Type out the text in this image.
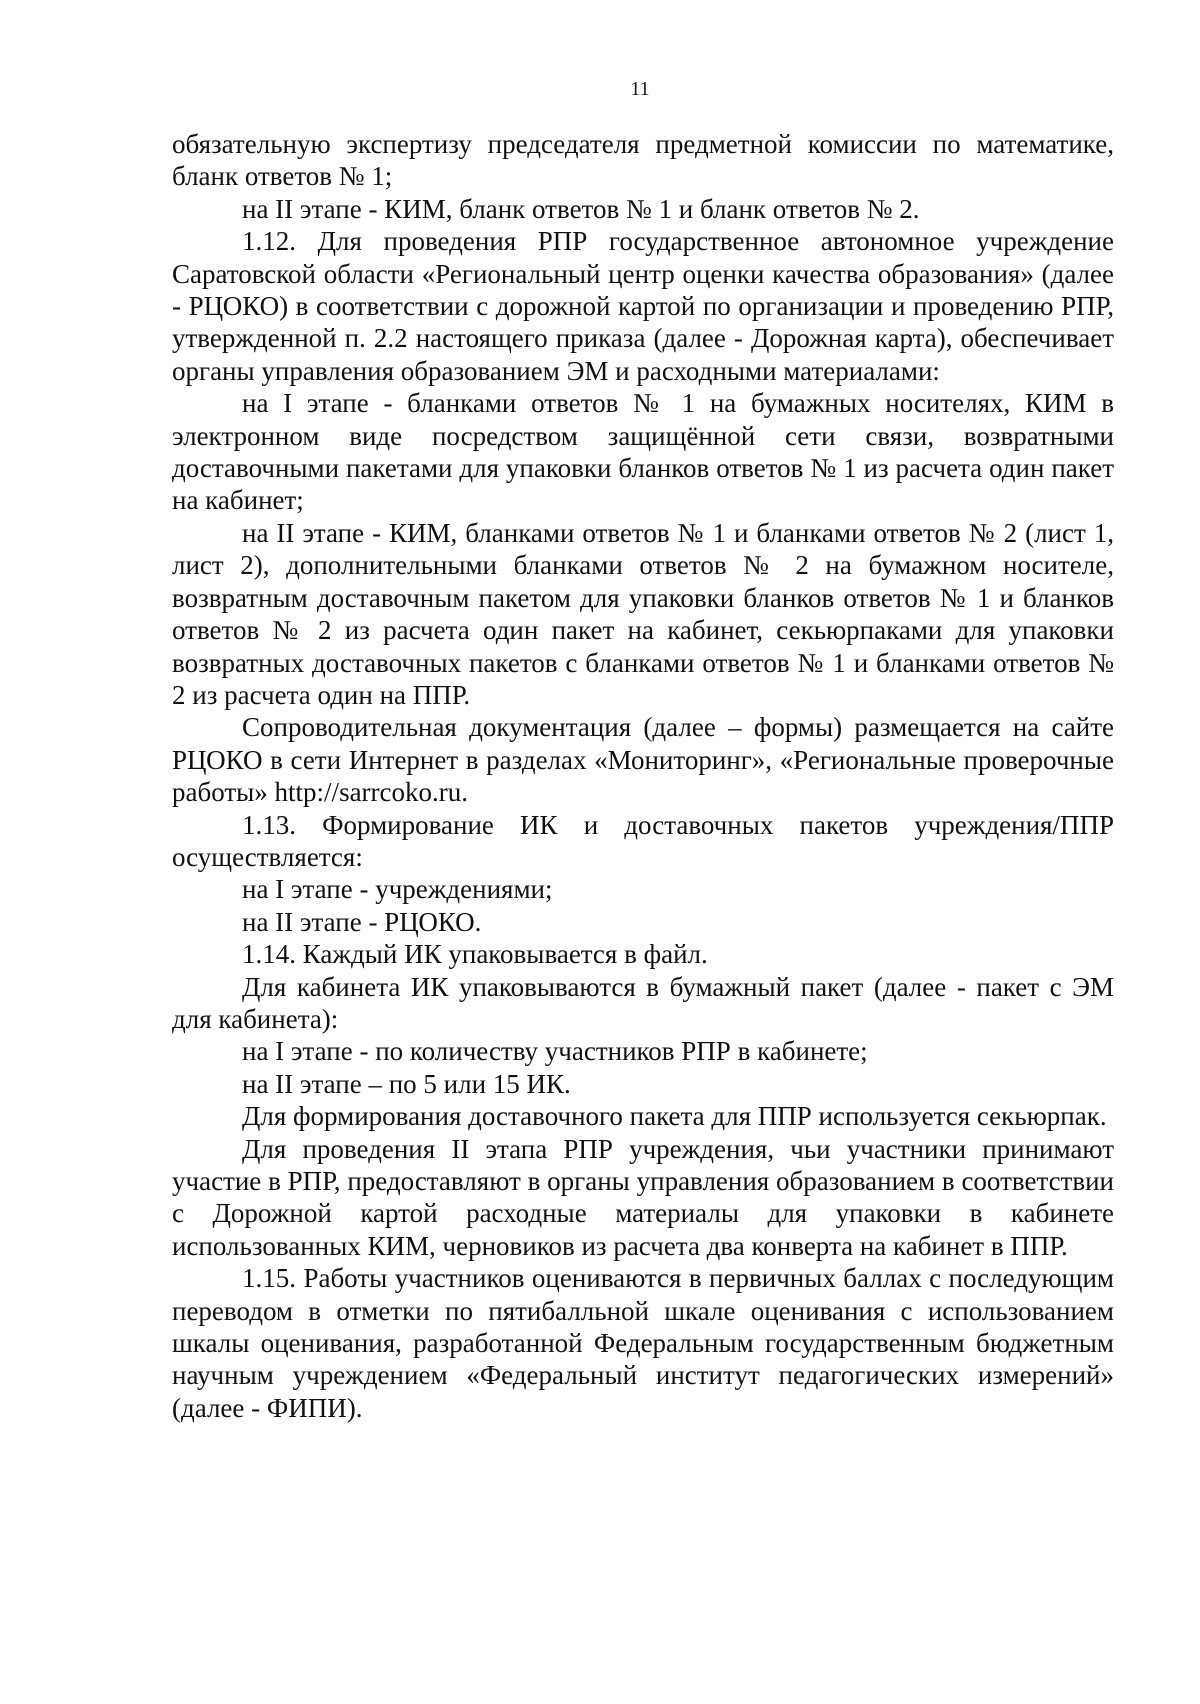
11

обязательную экспертизу председателя предметной комиссии по математике, бланк ответов № 1;

на II этапе - КИМ, бланк ответов № 1 и бланк ответов № 2.

1.12. Для проведения РПР государственное автономное учреждение Саратовской области «Региональный центр оценки качества образования» (далее - РЦОКО) в соответствии с дорожной картой по организации и проведению РПР, утвержденной п. 2.2 настоящего приказа (далее - Дорожная карта), обеспечивает органы управления образованием ЭМ и расходными материалами:

на I этапе - бланками ответов № 1 на бумажных носителях, КИМ в электронном виде посредством защищённой сети связи, возвратными доставочными пакетами для упаковки бланков ответов № 1 из расчета один пакет на кабинет;

на II этапе - КИМ, бланками ответов № 1 и бланками ответов № 2 (лист 1, лист 2), дополнительными бланками ответов № 2 на бумажном носителе, возвратным доставочным пакетом для упаковки бланков ответов № 1 и бланков ответов № 2 из расчета один пакет на кабинет, секьюрпаками для упаковки возвратных доставочных пакетов с бланками ответов № 1 и бланками ответов № 2 из расчета один на ППР.

Сопроводительная документация (далее – формы) размещается на сайте РЦОКО в сети Интернет в разделах «Мониторинг», «Региональные проверочные работы» http://sarrcoko.ru.

1.13. Формирование ИК и доставочных пакетов учреждения/ППР осуществляется:

на I этапе - учреждениями;

на II этапе - РЦОКО.

1.14. Каждый ИК упаковывается в файл.

Для кабинета ИК упаковываются в бумажный пакет (далее - пакет с ЭМ для кабинета):

на I этапе - по количеству участников РПР в кабинете;

на II этапе – по 5 или 15 ИК.

Для формирования доставочного пакета для ППР используется секьюрпак.

Для проведения II этапа РПР учреждения, чьи участники принимают участие в РПР, предоставляют в органы управления образованием в соответствии с Дорожной картой расходные материалы для упаковки в кабинете использованных КИМ, черновиков из расчета два конверта на кабинет в ППР.

1.15. Работы участников оцениваются в первичных баллах с последующим переводом в отметки по пятибалльной шкале оценивания с использованием шкалы оценивания, разработанной Федеральным государственным бюджетным научным учреждением «Федеральный институт педагогических измерений» (далее - ФИПИ).
